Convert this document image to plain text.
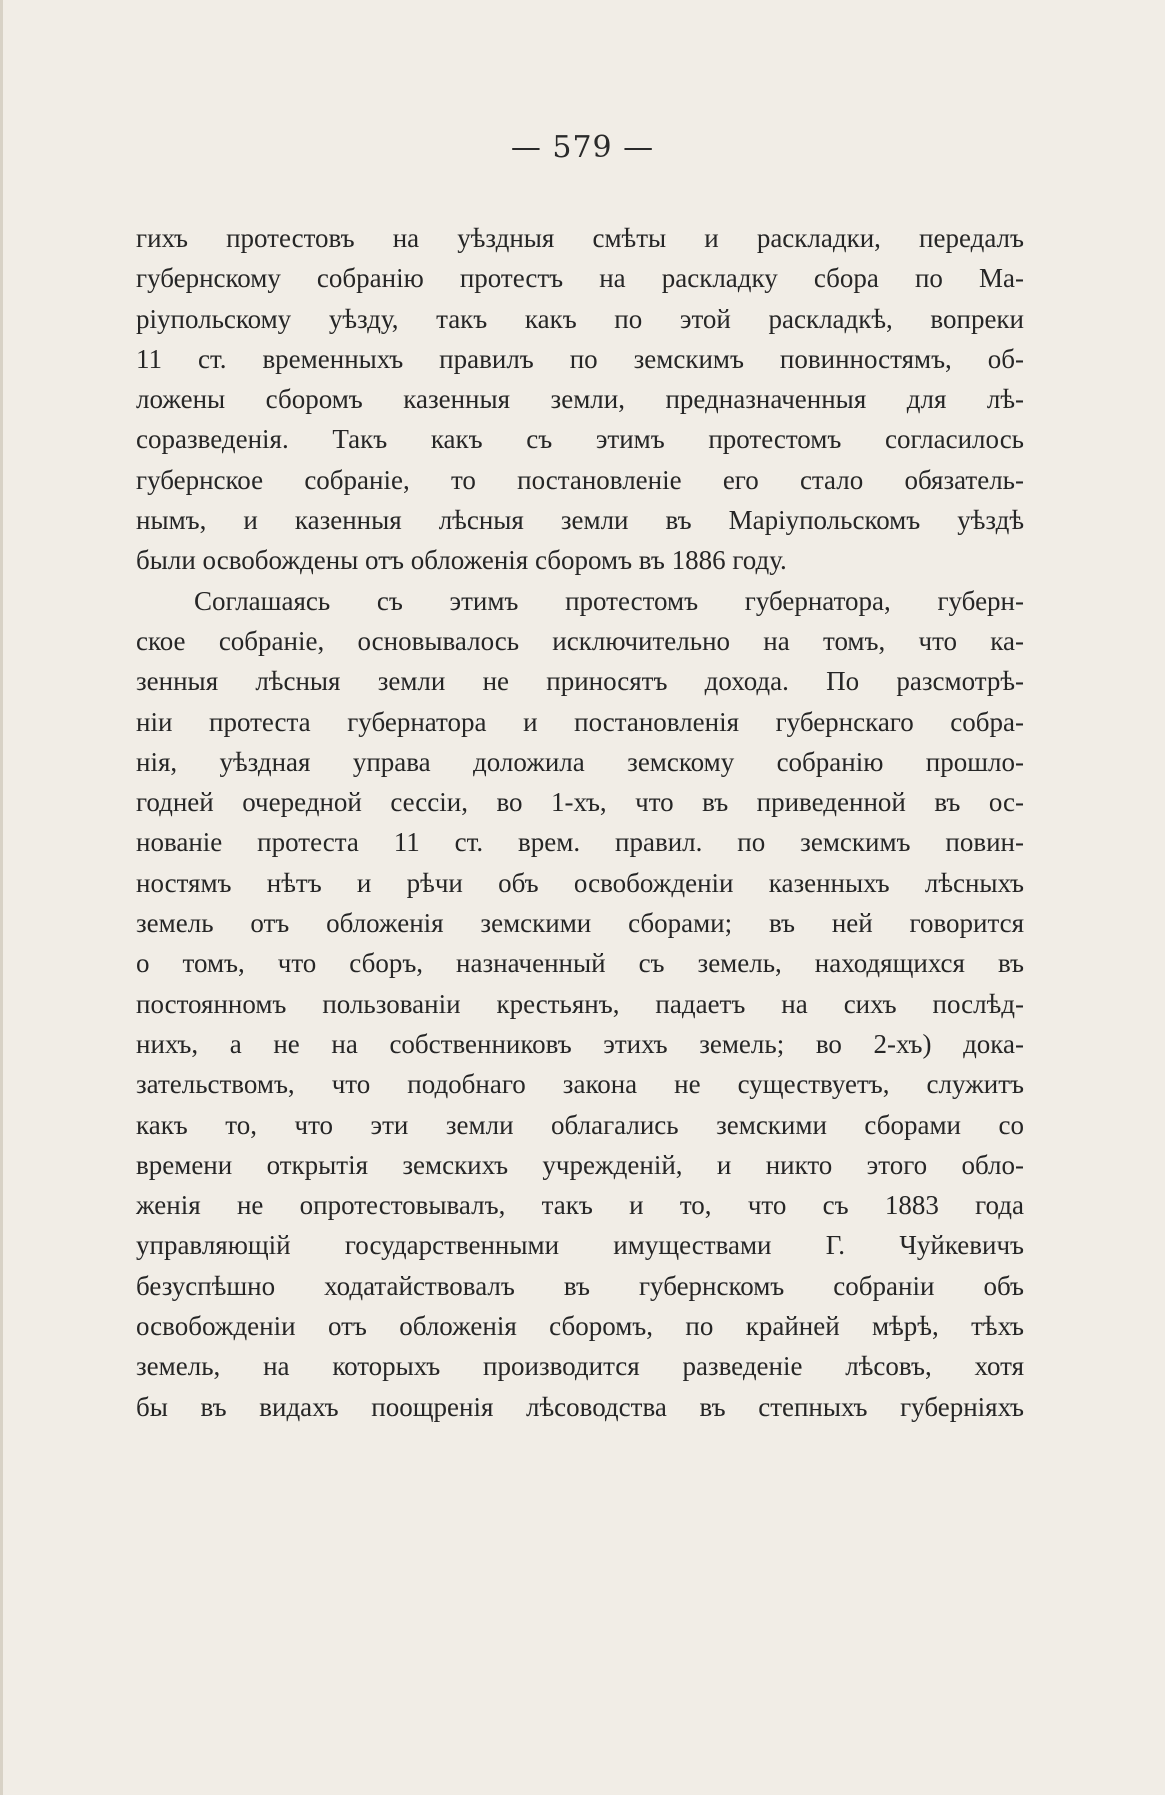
— 579 —
гихъ протестовъ на уѣздныя смѣты и раскладки, передалъ
губернскому собранію протестъ на раскладку сбора по Ма-
ріупольскому уѣзду, такъ какъ по этой раскладкѣ, вопреки
11 ст. временныхъ правилъ по земскимъ повинностямъ, об-
ложены сборомъ казенныя земли, предназначенныя для лѣ-
соразведенія. Такъ какъ съ этимъ протестомъ согласилось
губернское собраніе, то постановленіе его стало обязатель-
нымъ, и казенныя лѣсныя земли въ Маріупольскомъ уѣздѣ
были освобождены отъ обложенія сборомъ въ 1886 году.
Соглашаясь съ этимъ протестомъ губернатора, губерн-
ское собраніе, основывалось исключительно на томъ, что ка-
зенныя лѣсныя земли не приносятъ дохода. По разсмотрѣ-
ніи протеста губернатора и постановленія губернскаго собра-
нія, уѣздная управа доложила земскому собранію прошло-
годней очередной сессіи, во 1-хъ, что въ приведенной въ ос-
нованіе протеста 11 ст. врем. правил. по земскимъ повин-
ностямъ нѣтъ и рѣчи объ освобожденіи казенныхъ лѣсныхъ
земель отъ обложенія земскими сборами; въ ней говорится
о томъ, что сборъ, назначенный съ земель, находящихся въ
постоянномъ пользованіи крестьянъ, падаетъ на сихъ послѣд-
нихъ, а не на собственниковъ этихъ земель; во 2-хъ) дока-
зательствомъ, что подобнаго закона не существуетъ, служитъ
какъ то, что эти земли облагались земскими сборами со
времени открытія земскихъ учрежденій, и никто этого обло-
женія не опротестовывалъ, такъ и то, что съ 1883 года
управляющій государственными имуществами Г. Чуйкевичъ
безуспѣшно ходатайствовалъ въ губернскомъ собраніи объ
освобожденіи отъ обложенія сборомъ, по крайней мѣрѣ, тѣхъ
земель, на которыхъ производится разведеніе лѣсовъ, хотя
бы въ видахъ поощренія лѣсоводства въ степныхъ губерніяхъ
